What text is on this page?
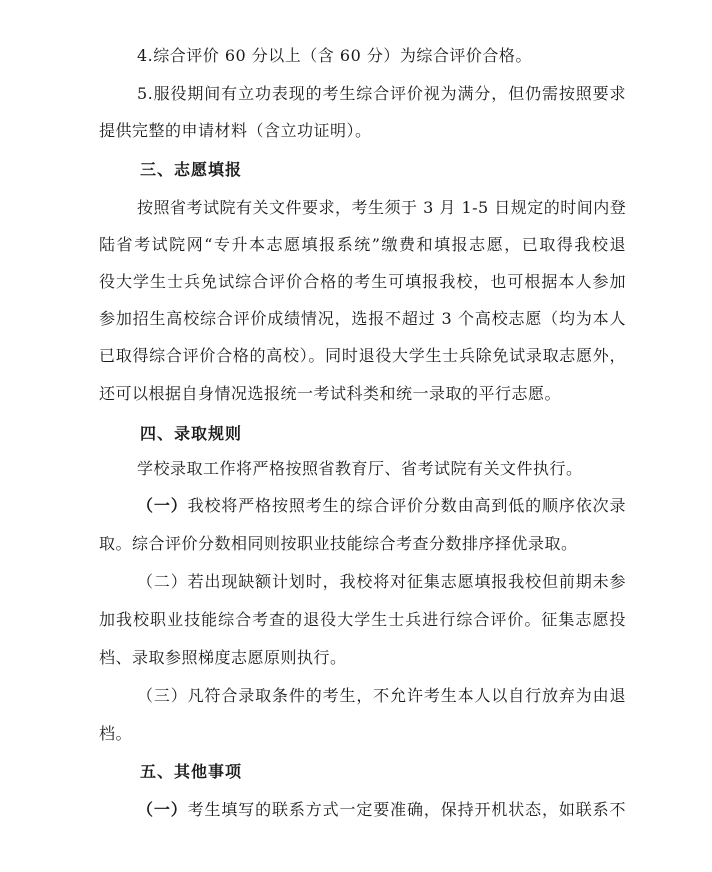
4.综合评价 60 分以上（含 60 分）为综合评价合格。
5.服役期间有立功表现的考生综合评价视为满分，但仍需按照要求
提供完整的申请材料（含立功证明）。
三、志愿填报
按照省考试院有关文件要求，考生须于 3 月 1-5 日规定的时间内登
陆省考试院网“专升本志愿填报系统”缴费和填报志愿，已取得我校退
役大学生士兵免试综合评价合格的考生可填报我校，也可根据本人参加
参加招生高校综合评价成绩情况，选报不超过 3 个高校志愿（均为本人
已取得综合评价合格的高校）。同时退役大学生士兵除免试录取志愿外，
还可以根据自身情况选报统一考试科类和统一录取的平行志愿。
四、录取规则
学校录取工作将严格按照省教育厅、省考试院有关文件执行。
（一）我校将严格按照考生的综合评价分数由高到低的顺序依次录
取。综合评价分数相同则按职业技能综合考查分数排序择优录取。
（二）若出现缺额计划时，我校将对征集志愿填报我校但前期未参
加我校职业技能综合考查的退役大学生士兵进行综合评价。征集志愿投
档、录取参照梯度志愿原则执行。
（三）凡符合录取条件的考生，不允许考生本人以自行放弃为由退
档。
五、其他事项
（一）考生填写的联系方式一定要准确，保持开机状态，如联系不
